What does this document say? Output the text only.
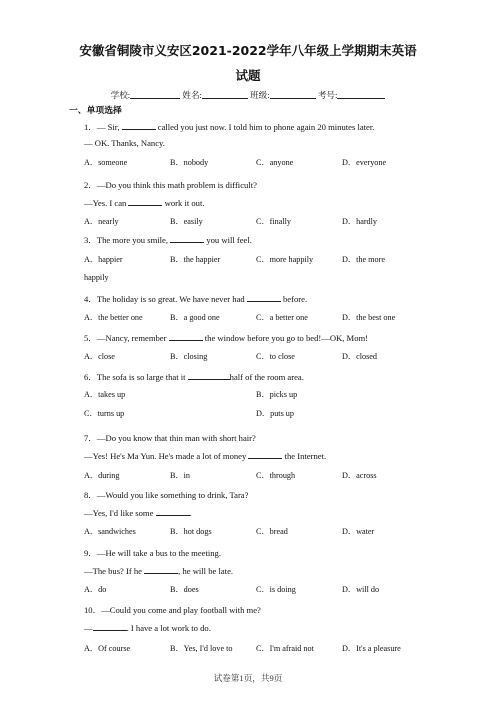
安徽省铜陵市义安区2021-2022学年八年级上学期期末英语
试题
学校:	姓名:	班级:	考号:
一、单项选择
1．— Sir,	called you just now. I told him to phone again 20 minutes later.
— OK. Thanks, Nancy.
A．someone	B．nobody	C．anyone	D．everyone
2．—Do you think this math problem is difficult?
—Yes. I can	work it out.
A．nearly	B．easily	C．finally	D．hardly
3．The more you smile,	you will feel.
A．happier	B．the happier	C．more happily	D．the more
happily
4．The holiday is so great. We have never had	before.
A．the better one	B．a good one	C．a better one	D．the best one
5．—Nancy, remember	the window before you go to bed!—OK, Mom!
A．close	B．closing	C．to close	D．closed
6．The sofa is so large that it	half of the room area.
A．takes up	B．picks up
C．turns up	D．puts up
7．—Do you know that thin man with short hair?
—Yes! He's Ma Yun. He's made a lot of money	the Internet.
A．during	B．in	C．through	D．across
8．—Would you like something to drink, Tara?
—Yes, I'd like some	.
A．sandwiches	B．hot dogs	C．bread	D．water
9．—He will take a bus to the meeting.
—The bus? If he	, he will be late.
A．do	B．does	C．is doing	D．will do
10．—Could you come and play football with me?
—	. I have a lot work to do.
A．Of course	B．Yes, I'd love to	C．I'm afraid not	D．It's a pleasure
试卷第1页，共9页
